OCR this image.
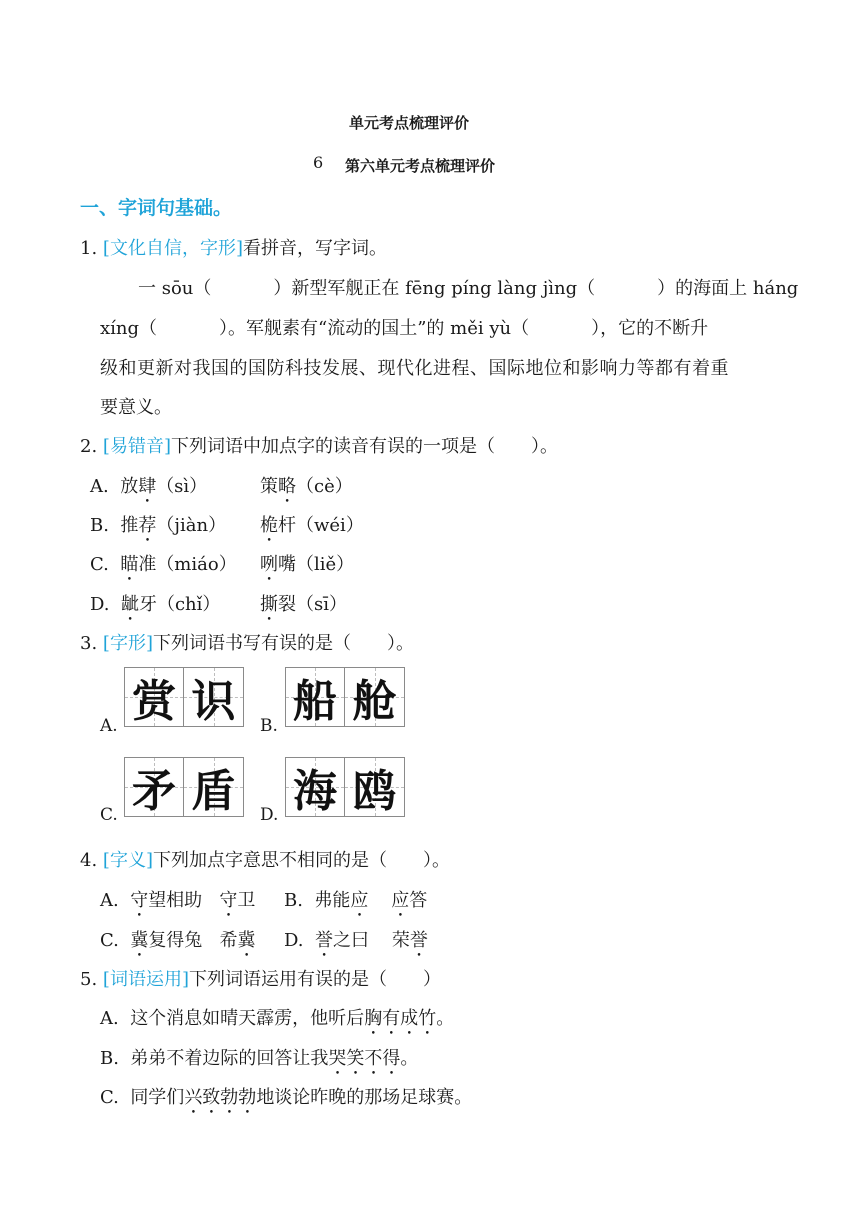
单元考点梳理评价
6 第六单元考点梳理评价
一、字词句基础。
1. [文化自信，字形]看拼音，写字词。
一 sōu（	）新型军舰正在 fēng píng làng jìng（	）的海面上 háng
xíng（	）。军舰素有“流动的国土”的 měi yù（	），它的不断升
级和更新对我国的国防科技发展、现代化进程、国际地位和影响力等都有着重
要意义。
2. [易错音]下列词语中加点字的读音有误的一项是（　　）。
A. 放肆（sì）	策略（cè）
B. 推荐（jiàn） 桅杆（wéi）
C. 瞄准（miáo） 咧嘴（liě）
D. 龇牙（chǐ） 撕裂（sī）
3. [字形]下列词语书写有误的是（　　）。
A. 赏 识	B. 船 舱
C. 矛 盾	D. 海 鸥
4. [字义]下列加点字意思不相同的是（　　）。
A. 守望相助 守卫 B. 弗能应 应答
C. 冀复得兔 希冀 D. 誉之曰 荣誉
5. [词语运用]下列词语运用有误的是（　　）
A. 这个消息如晴天霹雳，他听后胸有成竹。
B. 弟弟不着边际的回答让我哭笑不得。
C. 同学们兴致勃勃地谈论昨晚的那场足球赛。
